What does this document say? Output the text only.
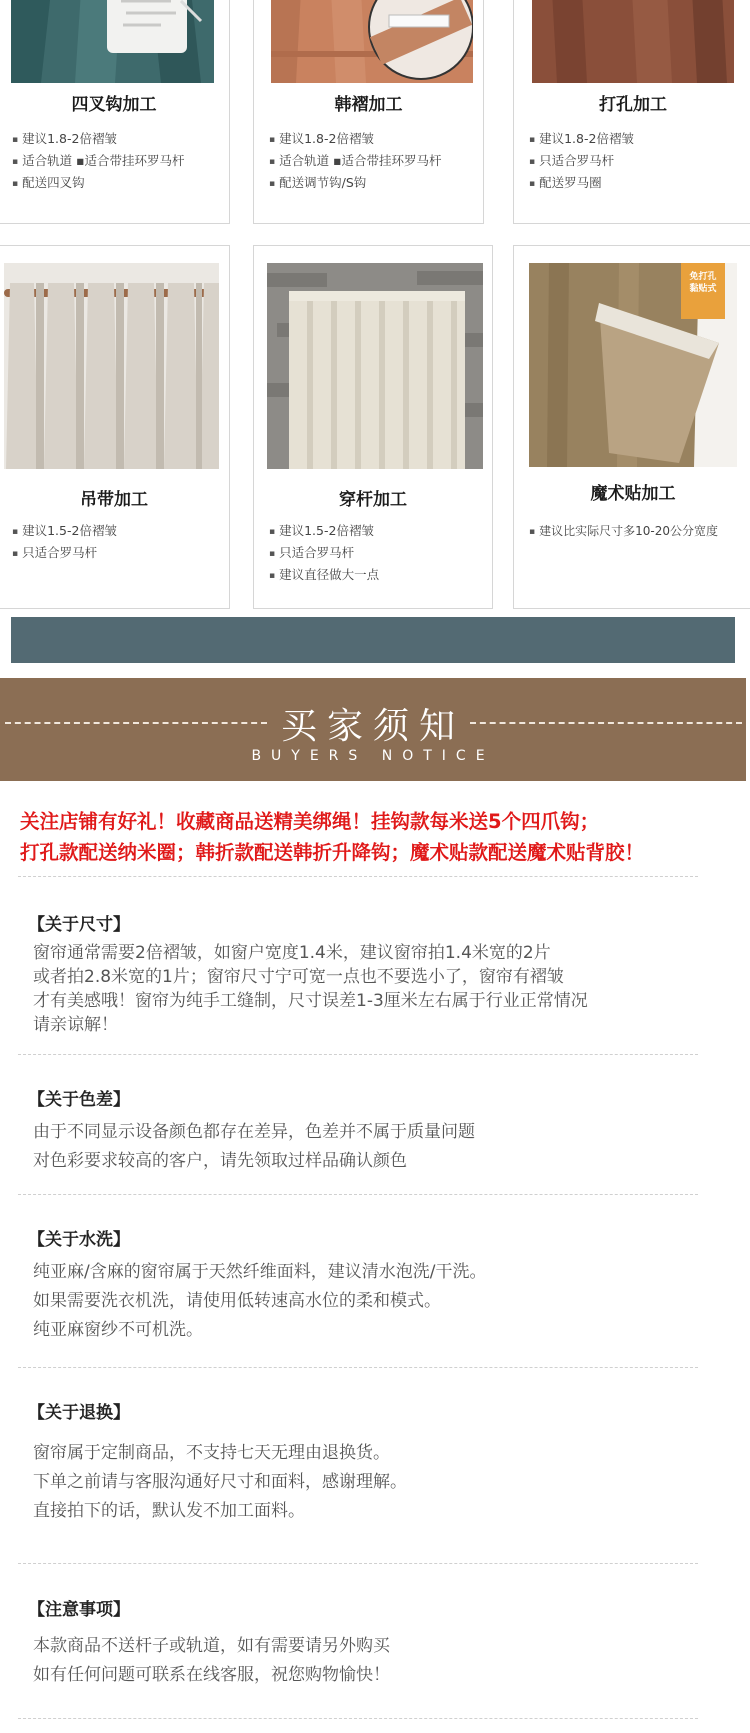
四叉钩加工
▪ 建议1.8-2倍褶皱
▪ 适合轨道 ▪适合带挂环罗马杆
▪ 配送四叉钩
韩褶加工
▪ 建议1.8-2倍褶皱
▪ 适合轨道 ▪适合带挂环罗马杆
▪ 配送调节钩/S钩
打孔加工
▪ 建议1.8-2倍褶皱
▪ 只适合罗马杆
▪ 配送罗马圈
吊带加工
▪ 建议1.5-2倍褶皱
▪ 只适合罗马杆
穿杆加工
▪ 建议1.5-2倍褶皱
▪ 只适合罗马杆
▪ 建议直径做大一点
免打孔
黏贴式
魔术贴加工
▪ 建议比实际尺寸多10-20公分宽度
买家须知
BUYERS NOTICE
关注店铺有好礼！收藏商品送精美绑绳！挂钩款每米送5个四爪钩；
打孔款配送纳米圈；韩折款配送韩折升降钩；魔术贴款配送魔术贴背胶！
【关于尺寸】
窗帘通常需要2倍褶皱，如窗户宽度1.4米，建议窗帘拍1.4米宽的2片
或者拍2.8米宽的1片；窗帘尺寸宁可宽一点也不要选小了，窗帘有褶皱
才有美感哦！窗帘为纯手工缝制，尺寸误差1-3厘米左右属于行业正常情况
请亲谅解！
【关于色差】
由于不同显示设备颜色都存在差异，色差并不属于质量问题
对色彩要求较高的客户，请先领取过样品确认颜色
【关于水洗】
纯亚麻/含麻的窗帘属于天然纤维面料，建议清水泡洗/干洗。
如果需要洗衣机洗，请使用低转速高水位的柔和模式。
纯亚麻窗纱不可机洗。
【关于退换】
窗帘属于定制商品，不支持七天无理由退换货。
下单之前请与客服沟通好尺寸和面料，感谢理解。
直接拍下的话，默认发不加工面料。
【注意事项】
本款商品不送杆子或轨道，如有需要请另外购买
如有任何问题可联系在线客服，祝您购物愉快！
